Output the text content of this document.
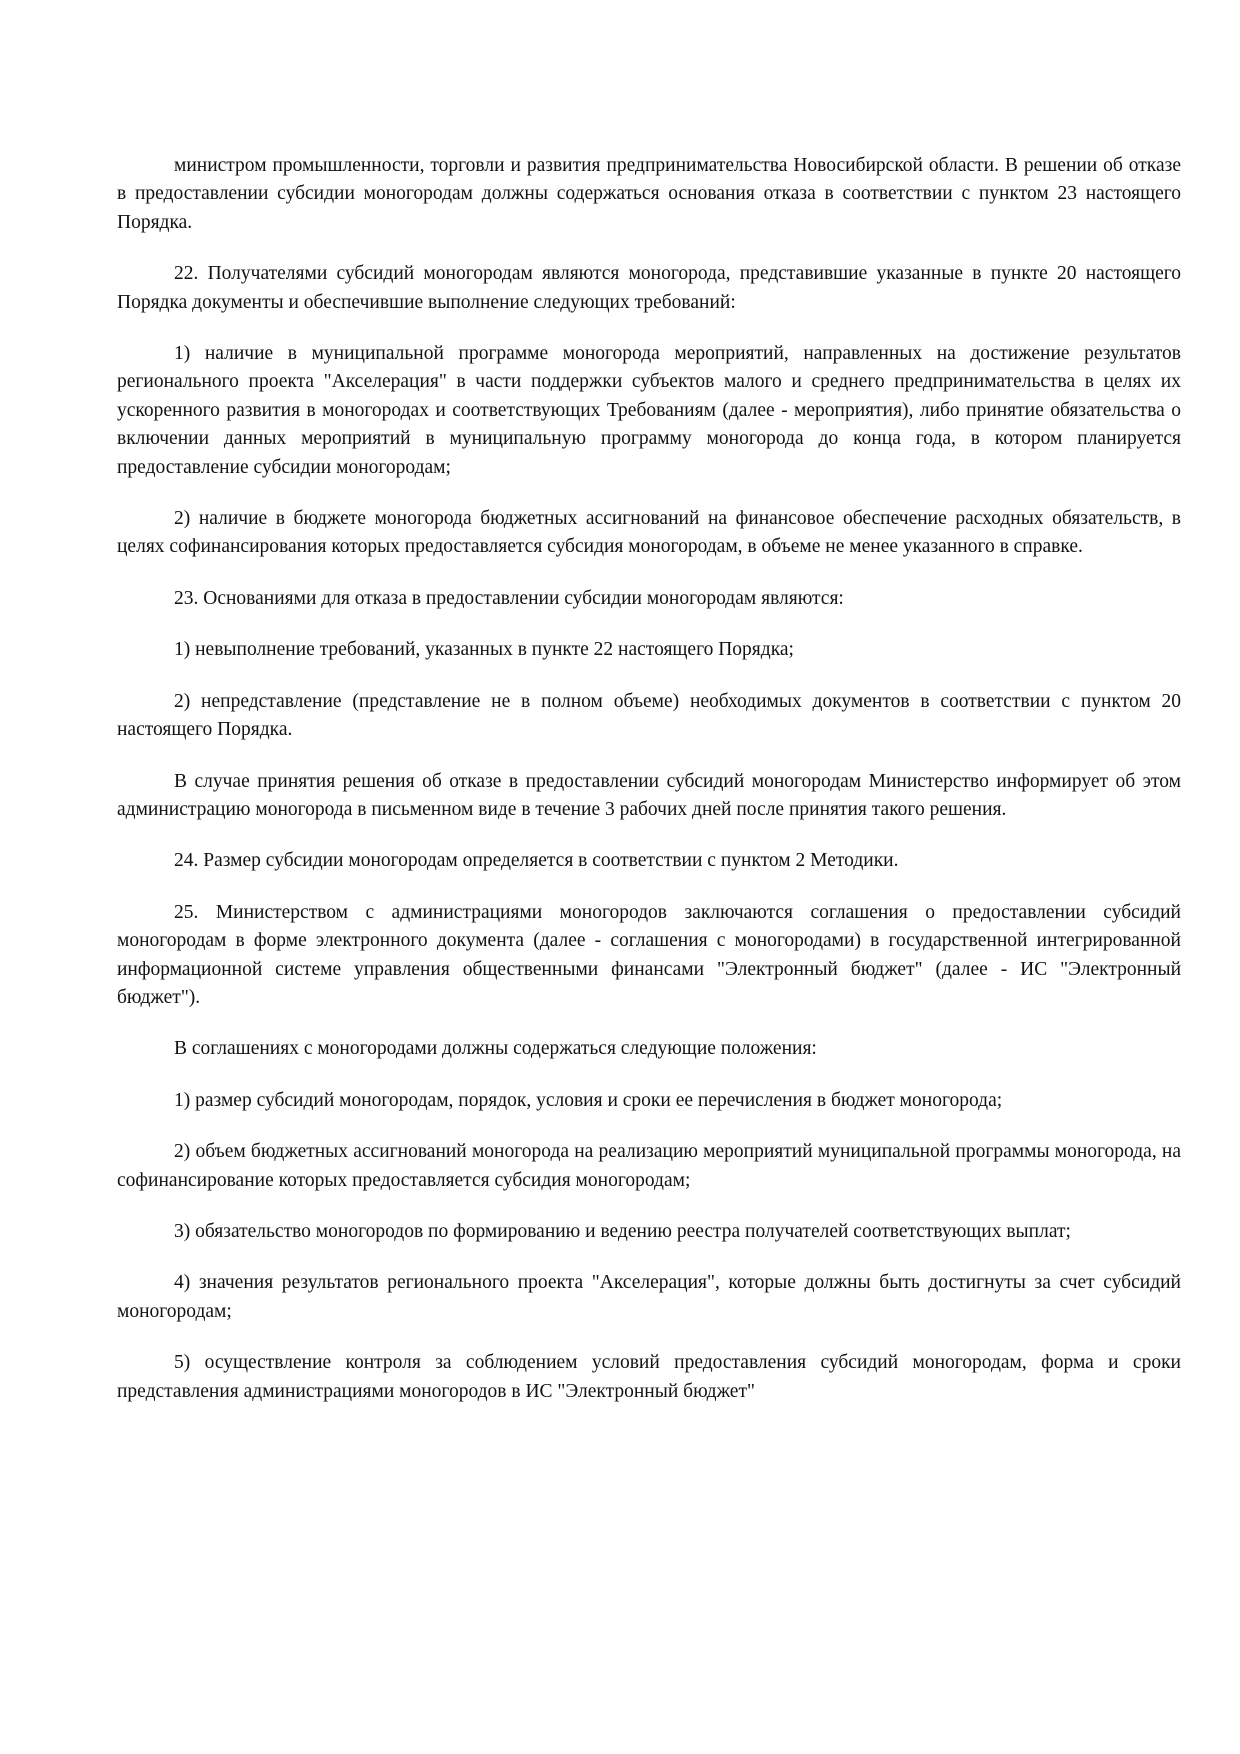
министром промышленности, торговли и развития предпринимательства Новосибирской области. В решении об отказе в предоставлении субсидии моногородам должны содержаться основания отказа в соответствии с пунктом 23 настоящего Порядка.

22. Получателями субсидий моногородам являются моногорода, представившие указанные в пункте 20 настоящего Порядка документы и обеспечившие выполнение следующих требований:

1) наличие в муниципальной программе моногорода мероприятий, направленных на достижение результатов регионального проекта "Акселерация" в части поддержки субъектов малого и среднего предпринимательства в целях их ускоренного развития в моногородах и соответствующих Требованиям (далее - мероприятия), либо принятие обязательства о включении данных мероприятий в муниципальную программу моногорода до конца года, в котором планируется предоставление субсидии моногородам;

2) наличие в бюджете моногорода бюджетных ассигнований на финансовое обеспечение расходных обязательств, в целях софинансирования которых предоставляется субсидия моногородам, в объеме не менее указанного в справке.

23. Основаниями для отказа в предоставлении субсидии моногородам являются:

1) невыполнение требований, указанных в пункте 22 настоящего Порядка;

2) непредставление (представление не в полном объеме) необходимых документов в соответствии с пунктом 20 настоящего Порядка.

В случае принятия решения об отказе в предоставлении субсидий моногородам Министерство информирует об этом администрацию моногорода в письменном виде в течение 3 рабочих дней после принятия такого решения.

24. Размер субсидии моногородам определяется в соответствии с пунктом 2 Методики.

25. Министерством с администрациями моногородов заключаются соглашения о предоставлении субсидий моногородам в форме электронного документа (далее - соглашения с моногородами) в государственной интегрированной информационной системе управления общественными финансами "Электронный бюджет" (далее - ИС "Электронный бюджет").

В соглашениях с моногородами должны содержаться следующие положения:

1) размер субсидий моногородам, порядок, условия и сроки ее перечисления в бюджет моногорода;

2) объем бюджетных ассигнований моногорода на реализацию мероприятий муниципальной программы моногорода, на софинансирование которых предоставляется субсидия моногородам;

3) обязательство моногородов по формированию и ведению реестра получателей соответствующих выплат;

4) значения результатов регионального проекта "Акселерация", которые должны быть достигнуты за счет субсидий моногородам;

5) осуществление контроля за соблюдением условий предоставления субсидий моногородам, форма и сроки представления администрациями моногородов в ИС "Электронный бюджет"
